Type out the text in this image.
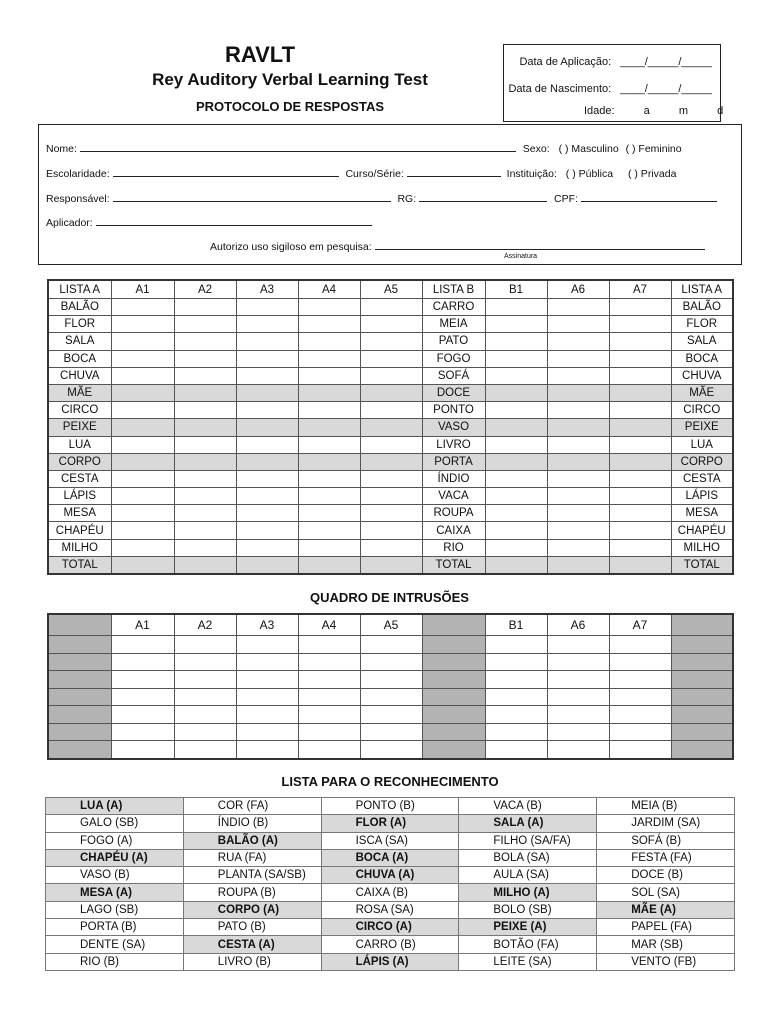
RAVLT
Rey Auditory Verbal Learning Test
PROTOCOLO DE RESPOSTAS
Data de Aplicação: ____/_____/_____
Data de Nascimento: ____/_____/_____
Idade:	a	m	d
Nome:	Sexo: ( ) Masculino ( ) Feminino
Escolaridade:	Curso/Série:	Instituição: ( ) Pública ( ) Privada
Responsável:	RG:	CPF:
Aplicador:
Autorizo uso sigiloso em pesquisa:
Assinatura
LISTA A	A1	A2	A3	A4	A5	LISTA B	B1	A6	A7	LISTA A
BALÃO						CARRO				BALÃO
FLOR						MEIA				FLOR
SALA						PATO				SALA
BOCA						FOGO				BOCA
CHUVA						SOFÁ				CHUVA
MÃE						DOCE				MÃE
CIRCO						PONTO				CIRCO
PEIXE						VASO				PEIXE
LUA						LIVRO				LUA
CORPO						PORTA				CORPO
CESTA						ÍNDIO				CESTA
LÁPIS						VACA				LÁPIS
MESA						ROUPA				MESA
CHAPÉU						CAIXA				CHAPÉU
MILHO						RIO				MILHO
TOTAL						TOTAL				TOTAL
QUADRO DE INTRUSÕES
	A1	A2	A3	A4	A5		B1	A6	A7	

LISTA PARA O RECONHECIMENTO
LUA (A)	COR (FA)	PONTO (B)	VACA (B)	MEIA (B)
GALO (SB)	ÍNDIO (B)	FLOR (A)	SALA (A)	JARDIM (SA)
FOGO (A)	BALÃO (A)	ISCA (SA)	FILHO (SA/FA)	SOFÁ (B)
CHAPÉU (A)	RUA (FA)	BOCA (A)	BOLA (SA)	FESTA (FA)
VASO (B)	PLANTA (SA/SB)	CHUVA (A)	AULA (SA)	DOCE (B)
MESA (A)	ROUPA (B)	CAIXA (B)	MILHO (A)	SOL (SA)
LAGO (SB)	CORPO (A)	ROSA (SA)	BOLO (SB)	MÃE (A)
PORTA (B)	PATO (B)	CIRCO (A)	PEIXE (A)	PAPEL (FA)
DENTE (SA)	CESTA (A)	CARRO (B)	BOTÃO (FA)	MAR (SB)
RIO (B)	LIVRO (B)	LÁPIS (A)	LEITE (SA)	VENTO (FB)
